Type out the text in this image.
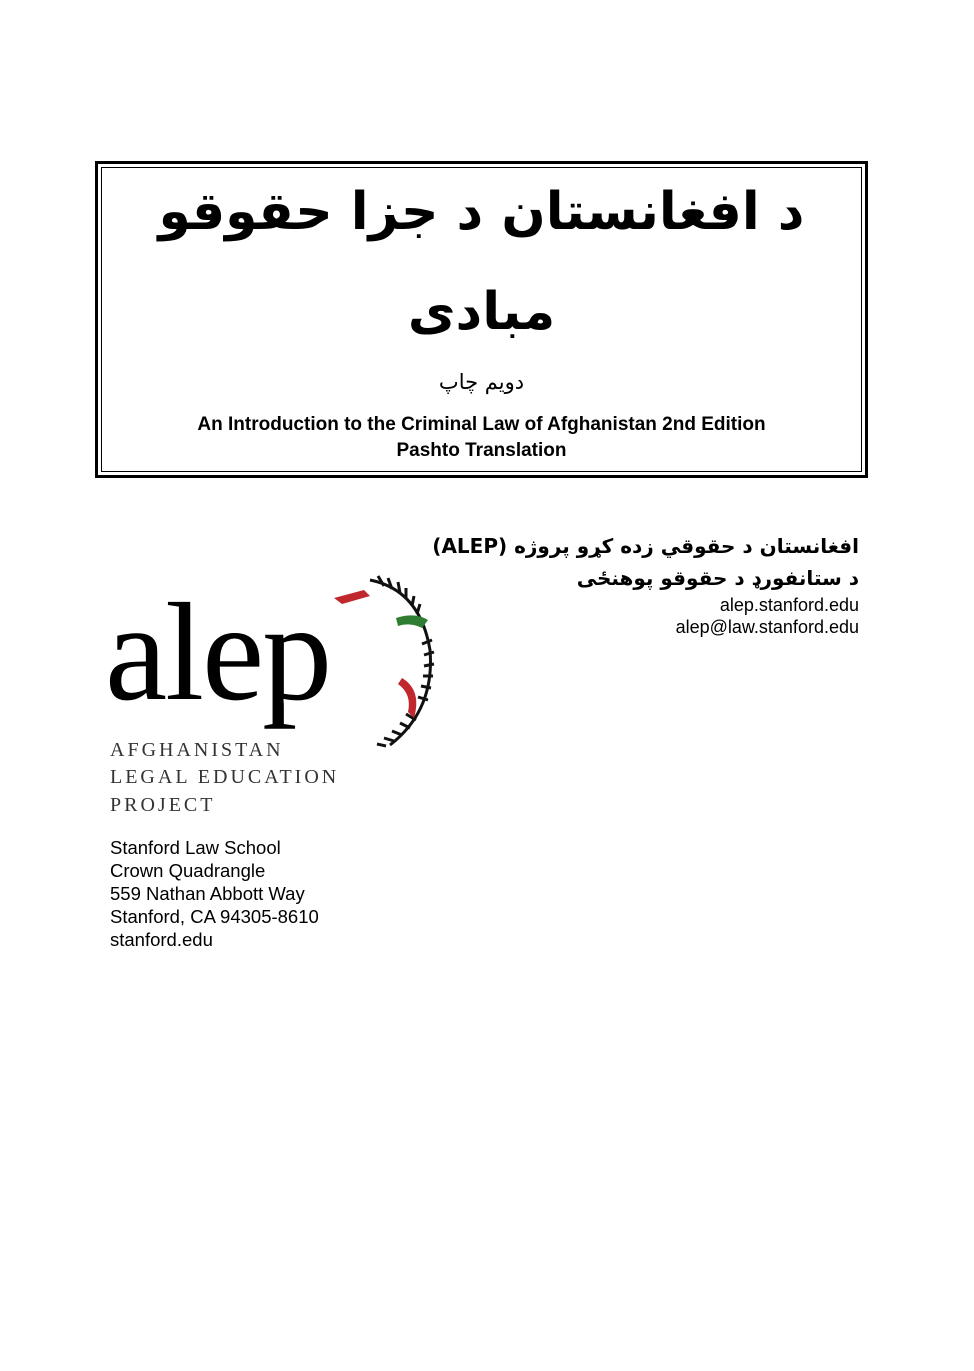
د افغانستان د جزا حقوقو
مبادی
دویم چاپ
An Introduction to the Criminal Law of Afghanistan 2nd Edition
Pashto Translation
افغانستان د حقوقي زده کړو پروژه (ALEP)
د ستانفورډ د حقوقو پوهنځی
alep.stanford.edu
alep@law.stanford.edu
alep
AFGHANISTAN
LEGAL EDUCATION
PROJECT
Stanford Law School
Crown Quadrangle
559 Nathan Abbott Way
Stanford, CA 94305-8610
stanford.edu
